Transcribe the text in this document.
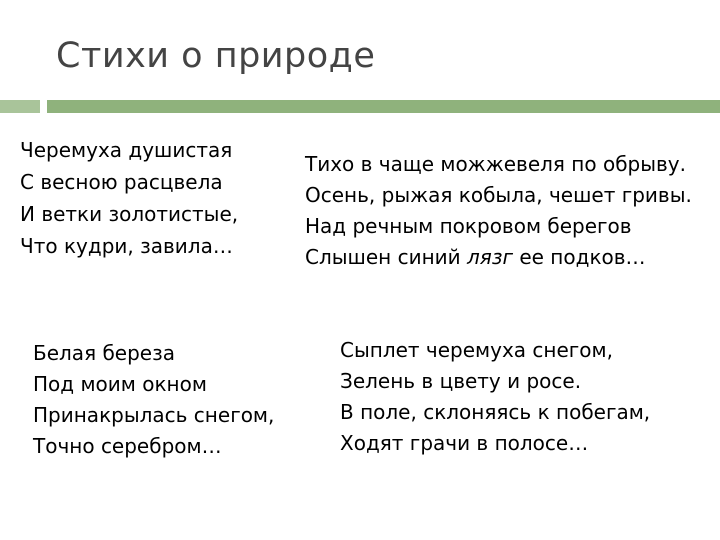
Стихи о природе
Черемуха душистая
С весною расцвела
И ветки золотистые,
Что кудри, завила…
Тихо в чаще можжевеля по обрыву.
Осень, рыжая кобыла, чешет гривы.
Над речным покровом берегов
Слышен синий лязг ее подков…
Белая береза
Под моим окном
Принакрылась снегом,
Точно серебром…
Сыплет черемуха снегом,
Зелень в цвету и росе.
В поле, склоняясь к побегам,
Ходят грачи в полосе…
